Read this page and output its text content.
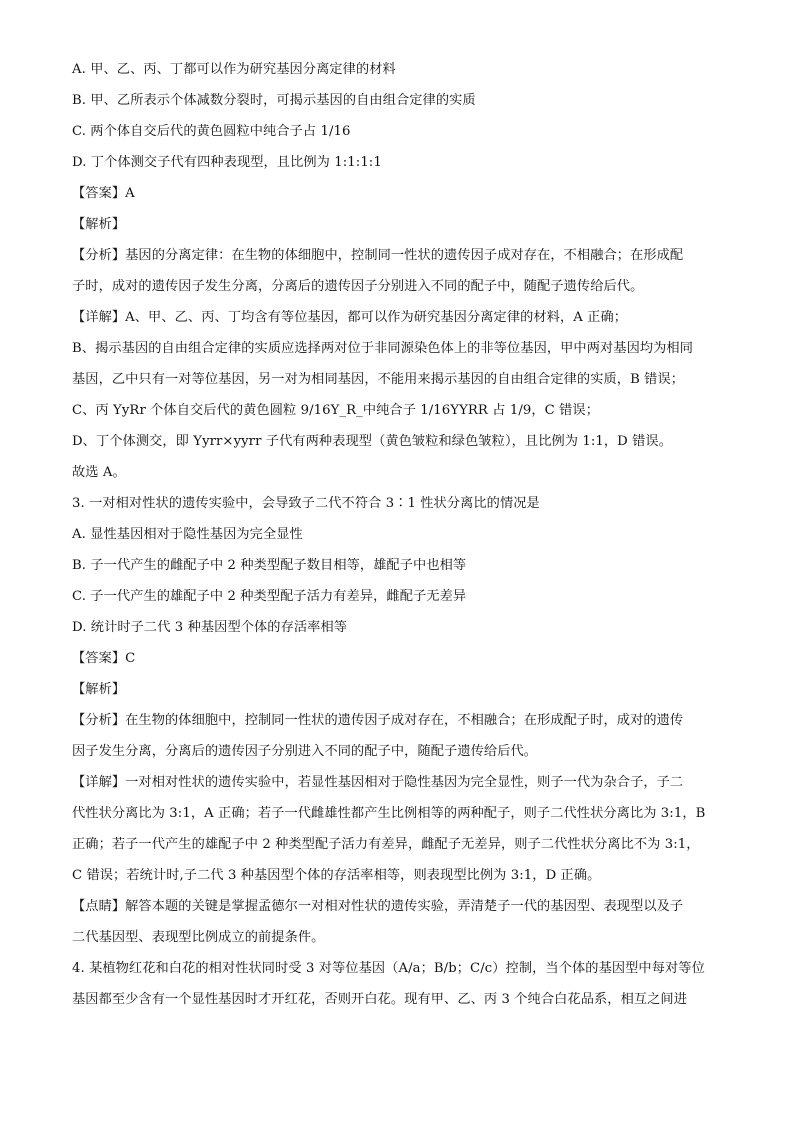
A. 甲、乙、丙、丁都可以作为研究基因分离定律的材料

B. 甲、乙所表示个体减数分裂时，可揭示基因的自由组合定律的实质

C. 两个体自交后代的黄色圆粒中纯合子占 1/16

D. 丁个体测交子代有四种表现型，且比例为 1:1:1:1

【答案】A

【解析】

【分析】基因的分离定律：在生物的体细胞中，控制同一性状的遗传因子成对存在，不相融合；在形成配

子时，成对的遗传因子发生分离，分离后的遗传因子分别进入不同的配子中，随配子遗传给后代。

【详解】A、甲、乙、丙、丁均含有等位基因，都可以作为研究基因分离定律的材料，A 正确；

B、揭示基因的自由组合定律的实质应选择两对位于非同源染色体上的非等位基因，甲中两对基因均为相同

基因，乙中只有一对等位基因，另一对为相同基因，不能用来揭示基因的自由组合定律的实质，B 错误；

C、丙 YyRr 个体自交后代的黄色圆粒 9/16Y_R_中纯合子 1/16YYRR 占 1/9，C 错误；

D、丁个体测交，即 Yyrr×yyrr 子代有两种表现型（黄色皱粒和绿色皱粒），且比例为 1:1，D 错误。

故选 A。

3. 一对相对性状的遗传实验中，会导致子二代不符合 3∶1 性状分离比的情况是

A. 显性基因相对于隐性基因为完全显性

B. 子一代产生的雌配子中 2 种类型配子数目相等，雄配子中也相等

C. 子一代产生的雄配子中 2 种类型配子活力有差异，雌配子无差异

D. 统计时子二代 3 种基因型个体的存活率相等

【答案】C

【解析】

【分析】在生物的体细胞中，控制同一性状的遗传因子成对存在，不相融合；在形成配子时，成对的遗传

因子发生分离，分离后的遗传因子分别进入不同的配子中，随配子遗传给后代。

【详解】一对相对性状的遗传实验中，若显性基因相对于隐性基因为完全显性，则子一代为杂合子，子二

代性状分离比为 3:1，A 正确；若子一代雌雄性都产生比例相等的两种配子，则子二代性状分离比为 3:1，B

正确；若子一代产生的雄配子中 2 种类型配子活力有差异，雌配子无差异，则子二代性状分离比不为 3:1，

C 错误；若统计时,子二代 3 种基因型个体的存活率相等，则表现型比例为 3:1，D 正确。

【点睛】解答本题的关键是掌握孟德尔一对相对性状的遗传实验，弄清楚子一代的基因型、表现型以及子

二代基因型、表现型比例成立的前提条件。

4. 某植物红花和白花的相对性状同时受 3 对等位基因（A/a；B/b；C/c）控制，当个体的基因型中每对等位

基因都至少含有一个显性基因时才开红花，否则开白花。现有甲、乙、丙 3 个纯合白花品系，相互之间进
